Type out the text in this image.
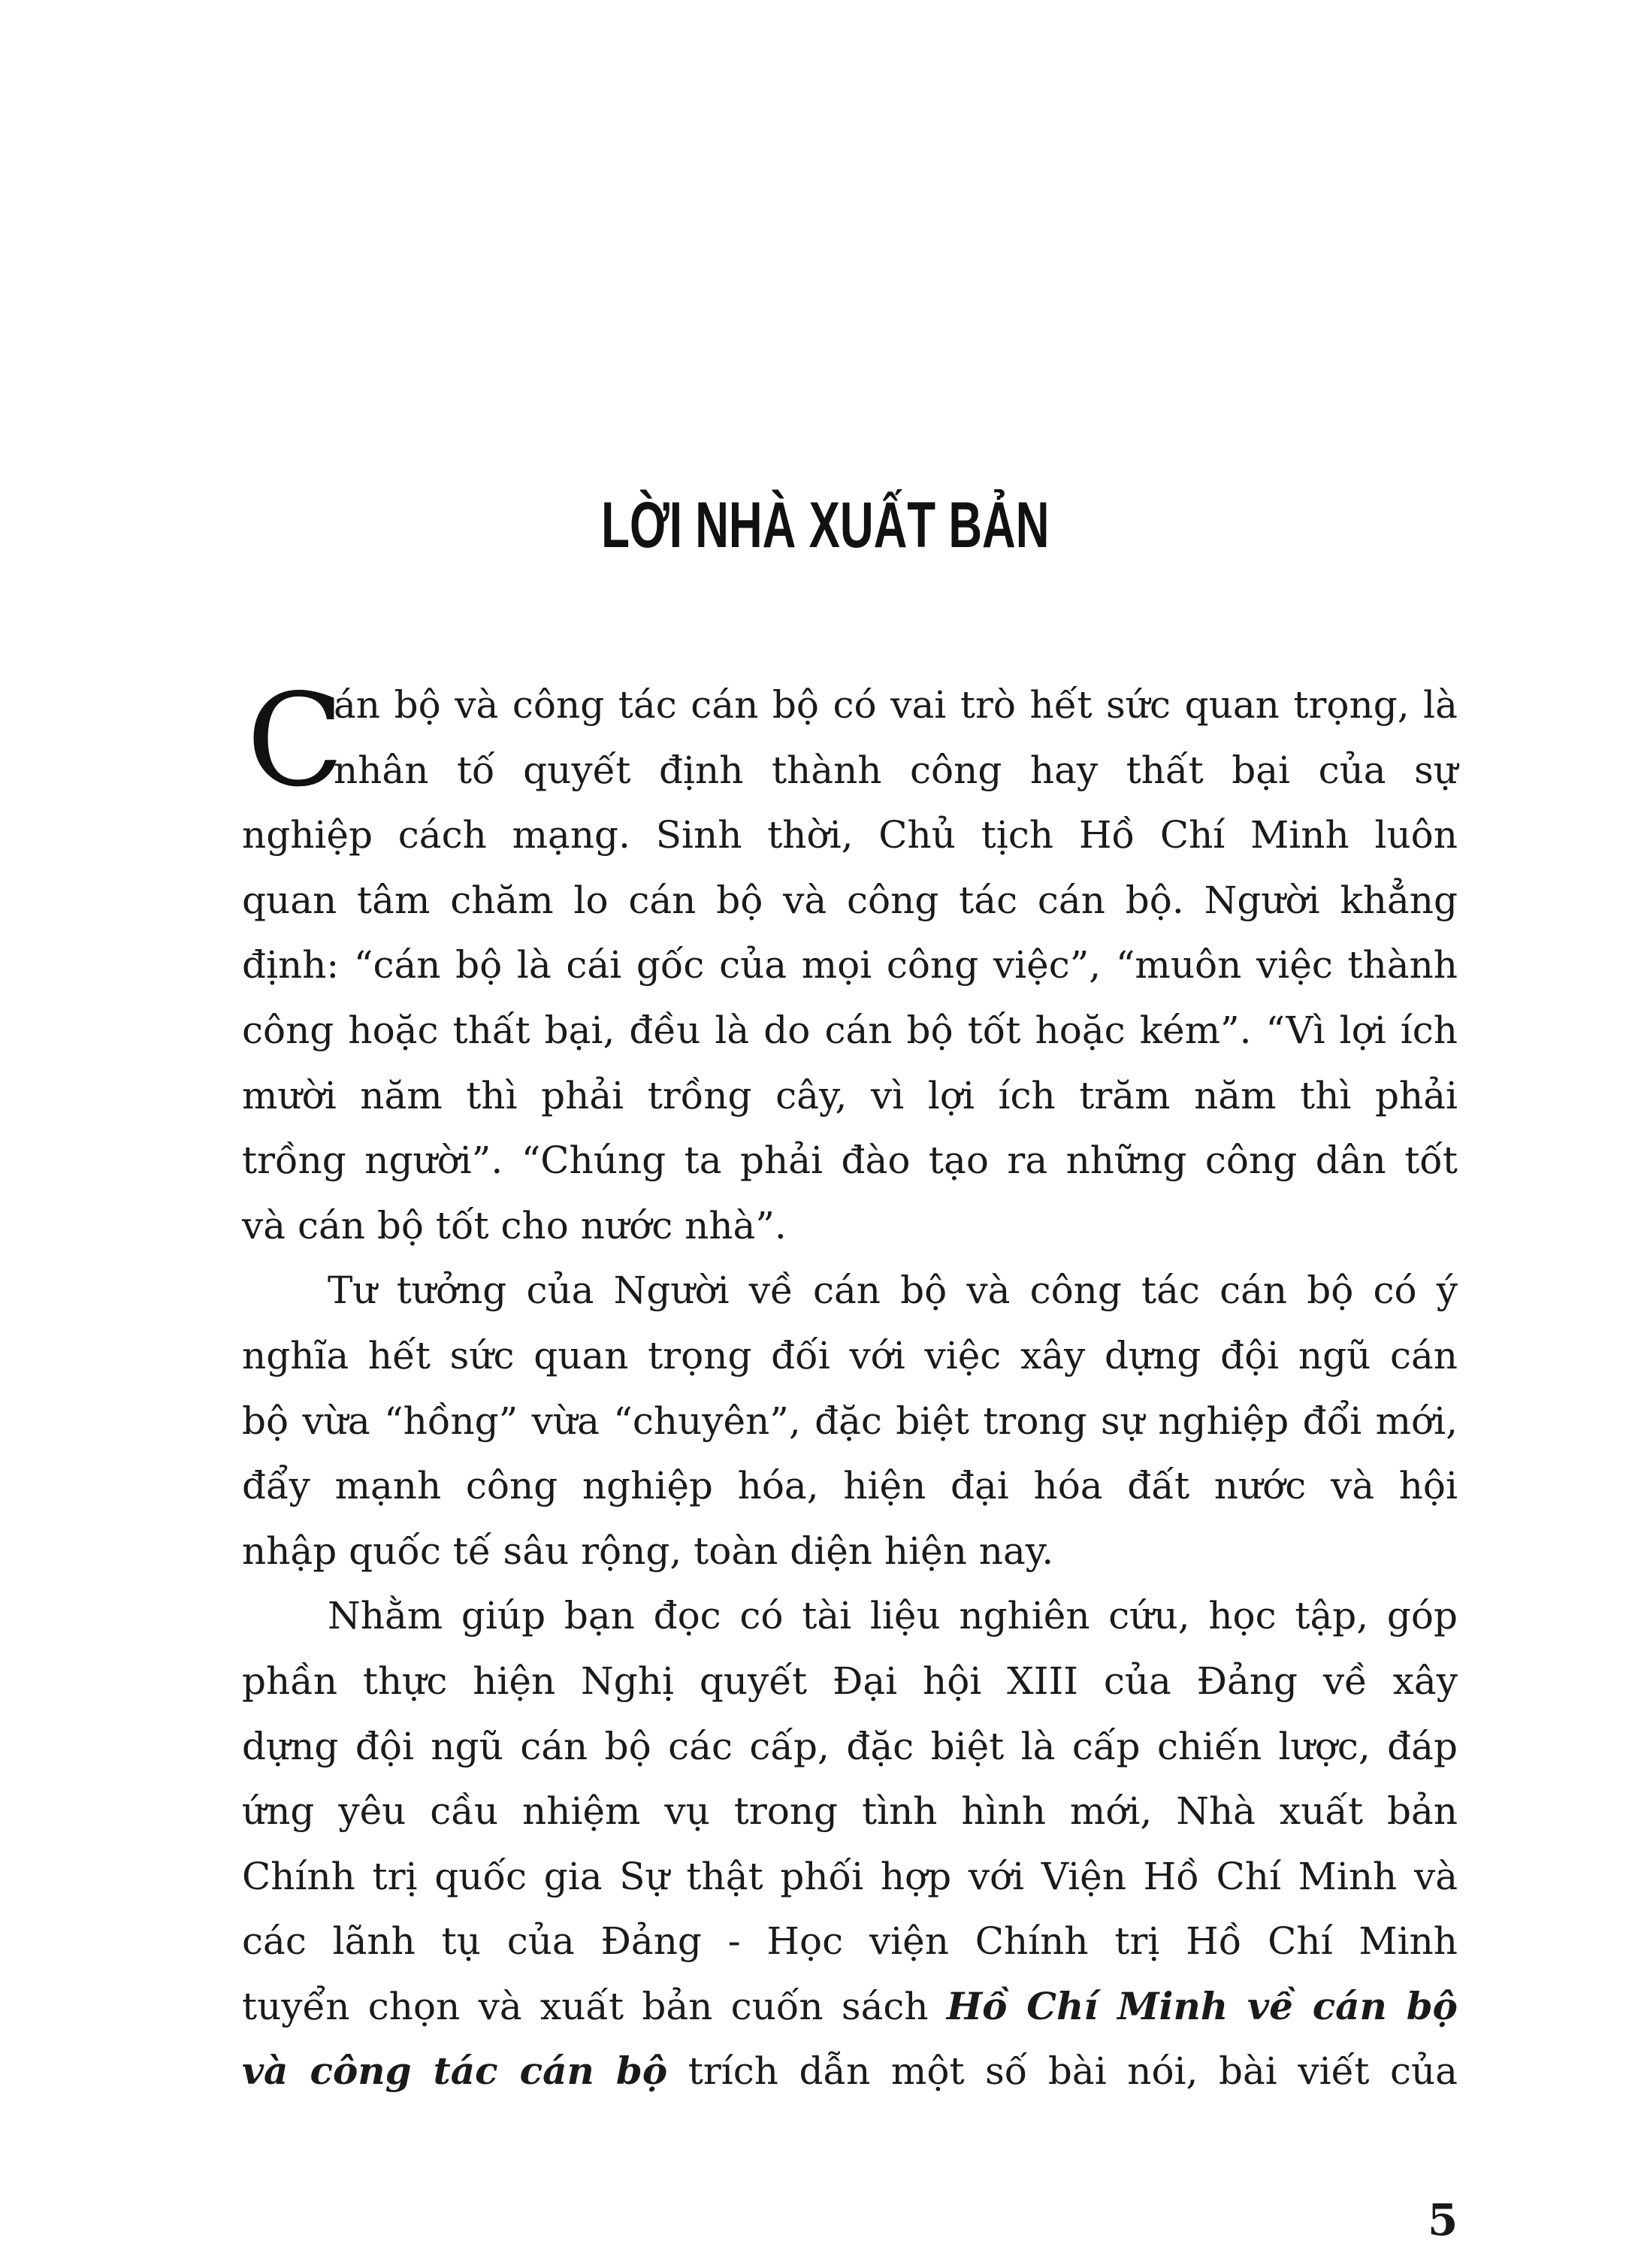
LỜI NHÀ XUẤT BẢN
C
án bộ và công tác cán bộ có vai trò hết sức quan trọng, là
nhân tố quyết định thành công hay thất bại của sự
nghiệp cách mạng. Sinh thời, Chủ tịch Hồ Chí Minh luôn
quan tâm chăm lo cán bộ và công tác cán bộ. Người khẳng
định: “cán bộ là cái gốc của mọi công việc”, “muôn việc thành
công hoặc thất bại, đều là do cán bộ tốt hoặc kém”. “Vì lợi ích
mười năm thì phải trồng cây, vì lợi ích trăm năm thì phải
trồng người”. “Chúng ta phải đào tạo ra những công dân tốt
và cán bộ tốt cho nước nhà”.
Tư tưởng của Người về cán bộ và công tác cán bộ có ý
nghĩa hết sức quan trọng đối với việc xây dựng đội ngũ cán
bộ vừa “hồng” vừa “chuyên”, đặc biệt trong sự nghiệp đổi mới,
đẩy mạnh công nghiệp hóa, hiện đại hóa đất nước và hội
nhập quốc tế sâu rộng, toàn diện hiện nay.
Nhằm giúp bạn đọc có tài liệu nghiên cứu, học tập, góp
phần thực hiện Nghị quyết Đại hội XIII của Đảng về xây
dựng đội ngũ cán bộ các cấp, đặc biệt là cấp chiến lược, đáp
ứng yêu cầu nhiệm vụ trong tình hình mới, Nhà xuất bản
Chính trị quốc gia Sự thật phối hợp với Viện Hồ Chí Minh và
các lãnh tụ của Đảng - Học viện Chính trị Hồ Chí Minh
tuyển chọn và xuất bản cuốn sách Hồ Chí Minh về cán bộ
và công tác cán bộ trích dẫn một số bài nói, bài viết của
5
